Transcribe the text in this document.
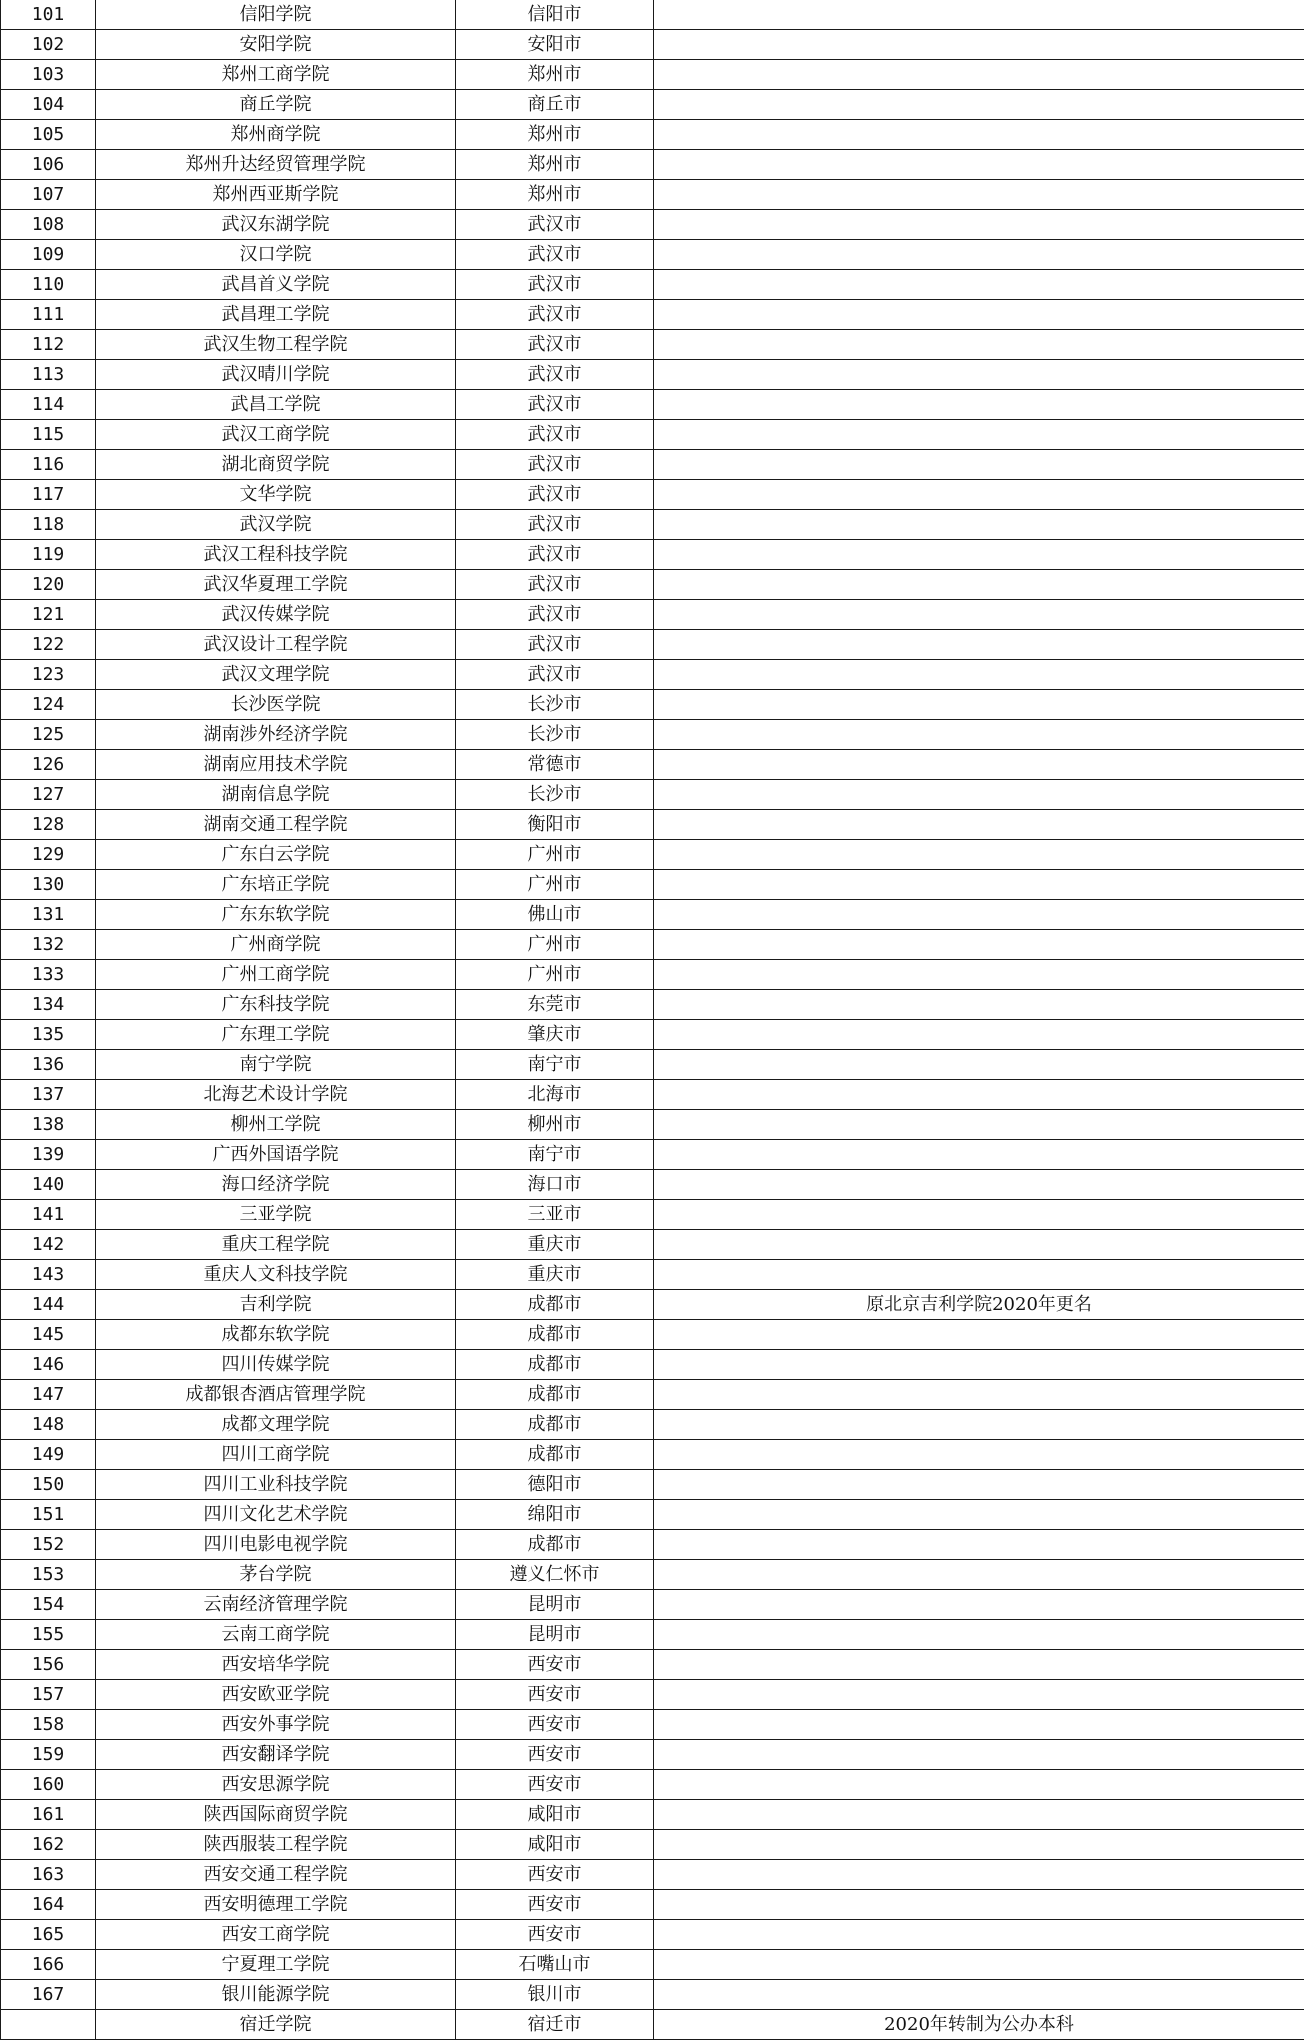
101	信阳学院	信阳市	
102	安阳学院	安阳市	
103	郑州工商学院	郑州市	
104	商丘学院	商丘市	
105	郑州商学院	郑州市	
106	郑州升达经贸管理学院	郑州市	
107	郑州西亚斯学院	郑州市	
108	武汉东湖学院	武汉市	
109	汉口学院	武汉市	
110	武昌首义学院	武汉市	
111	武昌理工学院	武汉市	
112	武汉生物工程学院	武汉市	
113	武汉晴川学院	武汉市	
114	武昌工学院	武汉市	
115	武汉工商学院	武汉市	
116	湖北商贸学院	武汉市	
117	文华学院	武汉市	
118	武汉学院	武汉市	
119	武汉工程科技学院	武汉市	
120	武汉华夏理工学院	武汉市	
121	武汉传媒学院	武汉市	
122	武汉设计工程学院	武汉市	
123	武汉文理学院	武汉市	
124	长沙医学院	长沙市	
125	湖南涉外经济学院	长沙市	
126	湖南应用技术学院	常德市	
127	湖南信息学院	长沙市	
128	湖南交通工程学院	衡阳市	
129	广东白云学院	广州市	
130	广东培正学院	广州市	
131	广东东软学院	佛山市	
132	广州商学院	广州市	
133	广州工商学院	广州市	
134	广东科技学院	东莞市	
135	广东理工学院	肇庆市	
136	南宁学院	南宁市	
137	北海艺术设计学院	北海市	
138	柳州工学院	柳州市	
139	广西外国语学院	南宁市	
140	海口经济学院	海口市	
141	三亚学院	三亚市	
142	重庆工程学院	重庆市	
143	重庆人文科技学院	重庆市	
144	吉利学院	成都市	原北京吉利学院2020年更名
145	成都东软学院	成都市	
146	四川传媒学院	成都市	
147	成都银杏酒店管理学院	成都市	
148	成都文理学院	成都市	
149	四川工商学院	成都市	
150	四川工业科技学院	德阳市	
151	四川文化艺术学院	绵阳市	
152	四川电影电视学院	成都市	
153	茅台学院	遵义仁怀市	
154	云南经济管理学院	昆明市	
155	云南工商学院	昆明市	
156	西安培华学院	西安市	
157	西安欧亚学院	西安市	
158	西安外事学院	西安市	
159	西安翻译学院	西安市	
160	西安思源学院	西安市	
161	陕西国际商贸学院	咸阳市	
162	陕西服装工程学院	咸阳市	
163	西安交通工程学院	西安市	
164	西安明德理工学院	西安市	
165	西安工商学院	西安市	
166	宁夏理工学院	石嘴山市	
167	银川能源学院	银川市	
	宿迁学院	宿迁市	2020年转制为公办本科
